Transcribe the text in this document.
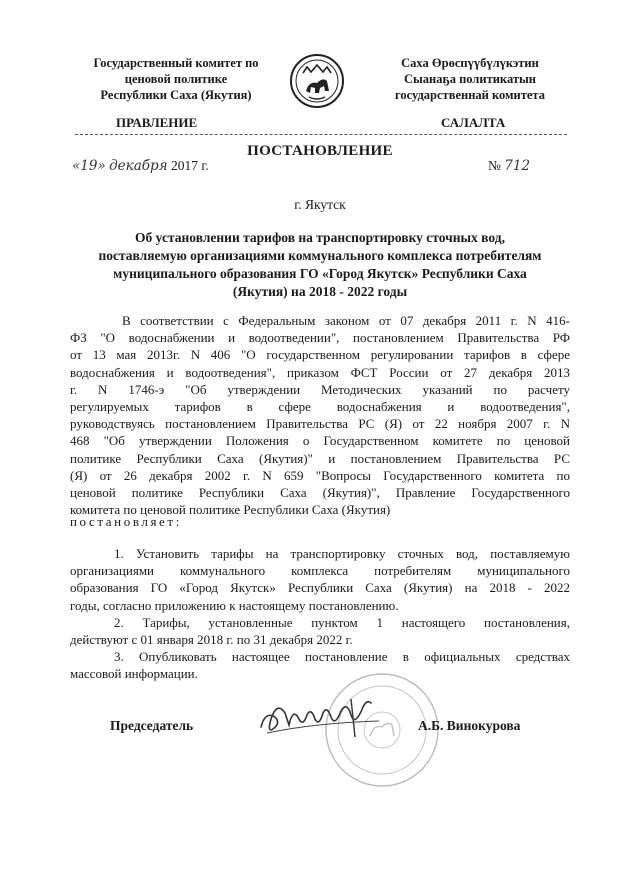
Государственный комитет по
ценовой политике
Республики Саха (Якутия)
Саха Өрөспүүбүлүкэтин
Сыанаҕа политикатын
государственнай комитета
ПРАВЛЕНИЕ	САЛАЛТА
ПОСТАНОВЛЕНИЕ
«19» декабря 2017 г.	№ 712
г. Якутск
Об установлении тарифов на транспортировку сточных вод,
поставляемую организациями коммунального комплекса потребителям
муниципального образования ГО «Город Якутск» Республики Саха
(Якутия) на 2018 - 2022 годы
В соответствии с Федеральным законом от 07 декабря 2011 г. N 416-
ФЗ "О водоснабжении и водоотведении", постановлением Правительства РФ
от 13 мая 2013г. N 406 "О государственном регулировании тарифов в сфере
водоснабжения и водоотведения", приказом ФСТ России от 27 декабря 2013
г. N 1746-э "Об утверждении Методических указаний по расчету
регулируемых тарифов в сфере водоснабжения и водоотведения",
руководствуясь постановлением Правительства РС (Я) от 22 ноября 2007 г. N
468 "Об утверждении Положения о Государственном комитете по ценовой
политике Республики Саха (Якутия)" и постановлением Правительства РС
(Я) от 26 декабря 2002 г. N 659 "Вопросы Государственного комитета по
ценовой политике Республики Саха (Якутия)", Правление Государственного
комитета по ценовой политике Республики Саха (Якутия)
постановляет:
1. Установить тарифы на транспортировку сточных вод, поставляемую
организациями коммунального комплекса потребителям муниципального
образования ГО «Город Якутск» Республики Саха (Якутия) на 2018 - 2022
годы, согласно приложению к настоящему постановлению.
2. Тарифы, установленные пунктом 1 настоящего постановления,
действуют с 01 января 2018 г. по 31 декабря 2022 г.
3. Опубликовать настоящее постановление в официальных средствах
массовой информации.
Председатель	А.Б. Винокурова
